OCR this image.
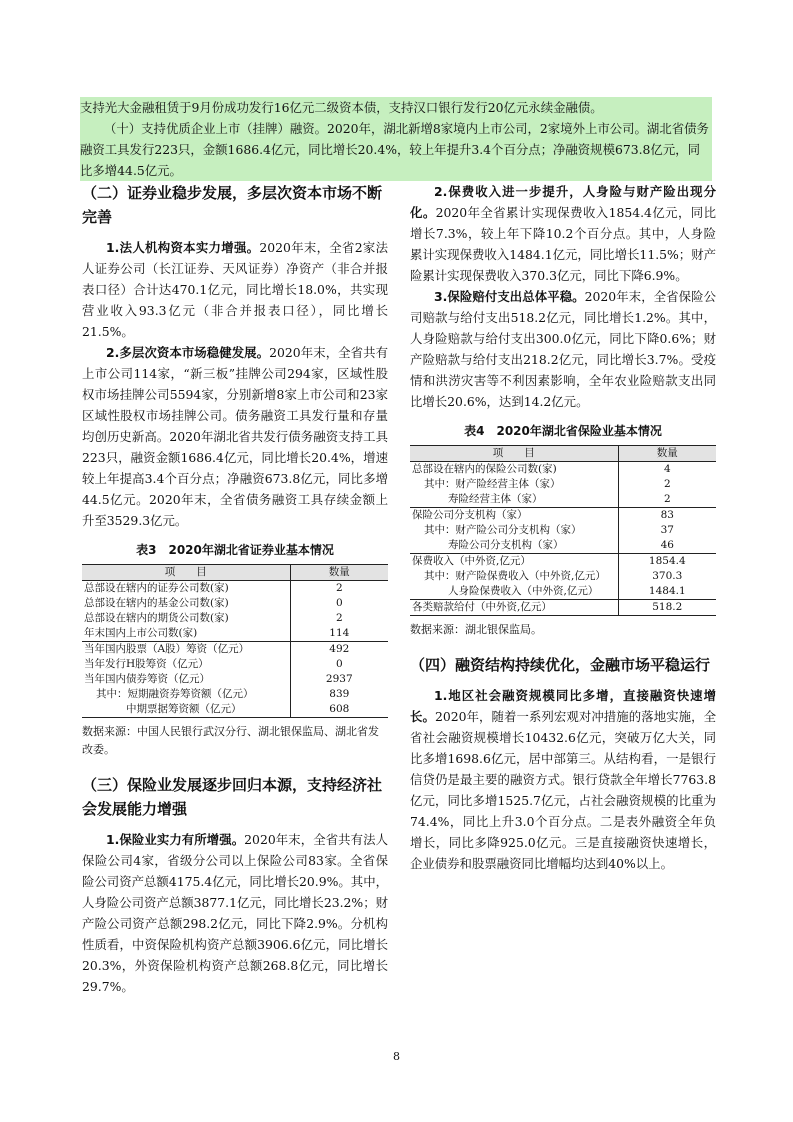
支持光大金融租赁于9月份成功发行16亿元二级资本债，支持汉口银行发行20亿元永续金融债。

（十）支持优质企业上市（挂牌）融资。2020年，湖北新增8家境内上市公司，2家境外上市公司。湖北省债务融资工具发行223只，金额1686.4亿元，同比增长20.4%，较上年提升3.4个百分点；净融资规模673.8亿元，同比多增44.5亿元。

（二）证券业稳步发展，多层次资本市场不断完善

1.法人机构资本实力增强。2020年末，全省2家法人证券公司（长江证券、天风证券）净资产（非合并报表口径）合计达470.1亿元，同比增长18.0%，共实现营业收入93.3亿元（非合并报表口径），同比增长21.5%。

2.多层次资本市场稳健发展。2020年末，全省共有上市公司114家，“新三板”挂牌公司294家，区域性股权市场挂牌公司5594家，分别新增8家上市公司和23家区域性股权市场挂牌公司。债务融资工具发行量和存量均创历史新高。2020年湖北省共发行债务融资支持工具223只，融资金额1686.4亿元，同比增长20.4%，增速较上年提高3.4个百分点；净融资673.8亿元，同比多增44.5亿元。2020年末，全省债务融资工具存续金额上升至3529.3亿元。

表3　2020年湖北省证券业基本情况
项　　目	数量
总部设在辖内的证券公司数(家)	2
总部设在辖内的基金公司数(家)	0
总部设在辖内的期货公司数(家)	2
年末国内上市公司数(家)	114
当年国内股票（A股）筹资（亿元）	492
当年发行H股筹资（亿元）	0
当年国内债券筹资（亿元）	2937
其中：短期融资券筹资额（亿元）	839
中期票据筹资额（亿元）	608

数据来源：中国人民银行武汉分行、湖北银保监局、湖北省发改委。

（三）保险业发展逐步回归本源，支持经济社会发展能力增强

1.保险业实力有所增强。2020年末，全省共有法人保险公司4家，省级分公司以上保险公司83家。全省保险公司资产总额4175.4亿元，同比增长20.9%。其中，人身险公司资产总额3877.1亿元，同比增长23.2%；财产险公司资产总额298.2亿元，同比下降2.9%。分机构性质看，中资保险机构资产总额3906.6亿元，同比增长20.3%，外资保险机构资产总额268.8亿元，同比增长29.7%。

2.保费收入进一步提升，人身险与财产险出现分化。2020年全省累计实现保费收入1854.4亿元，同比增长7.3%，较上年下降10.2个百分点。其中，人身险累计实现保费收入1484.1亿元，同比增长11.5%；财产险累计实现保费收入370.3亿元，同比下降6.9%。

3.保险赔付支出总体平稳。2020年末，全省保险公司赔款与给付支出518.2亿元，同比增长1.2%。其中，人身险赔款与给付支出300.0亿元，同比下降0.6%；财产险赔款与给付支出218.2亿元，同比增长3.7%。受疫情和洪涝灾害等不利因素影响，全年农业险赔款支出同比增长20.6%，达到14.2亿元。

表4　2020年湖北省保险业基本情况
项　　目	数量
总部设在辖内的保险公司数(家)	4
其中：财产险经营主体（家）	2
寿险经营主体（家）	2
保险公司分支机构（家）	83
其中：财产险公司分支机构（家）	37
寿险公司分支机构（家）	46
保费收入（中外资,亿元）	1854.4
其中：财产险保费收入（中外资,亿元）	370.3
人身险保费收入（中外资,亿元）	1484.1
各类赔款给付（中外资,亿元）	518.2

数据来源：湖北银保监局。

（四）融资结构持续优化，金融市场平稳运行

1.地区社会融资规模同比多增，直接融资快速增长。2020年，随着一系列宏观对冲措施的落地实施，全省社会融资规模增长10432.6亿元，突破万亿大关，同比多增1698.6亿元，居中部第三。从结构看，一是银行信贷仍是最主要的融资方式。银行贷款全年增长7763.8亿元，同比多增1525.7亿元，占社会融资规模的比重为74.4%，同比上升3.0个百分点。二是表外融资全年负增长，同比多降925.0亿元。三是直接融资快速增长，企业债券和股票融资同比增幅均达到40%以上。

8
